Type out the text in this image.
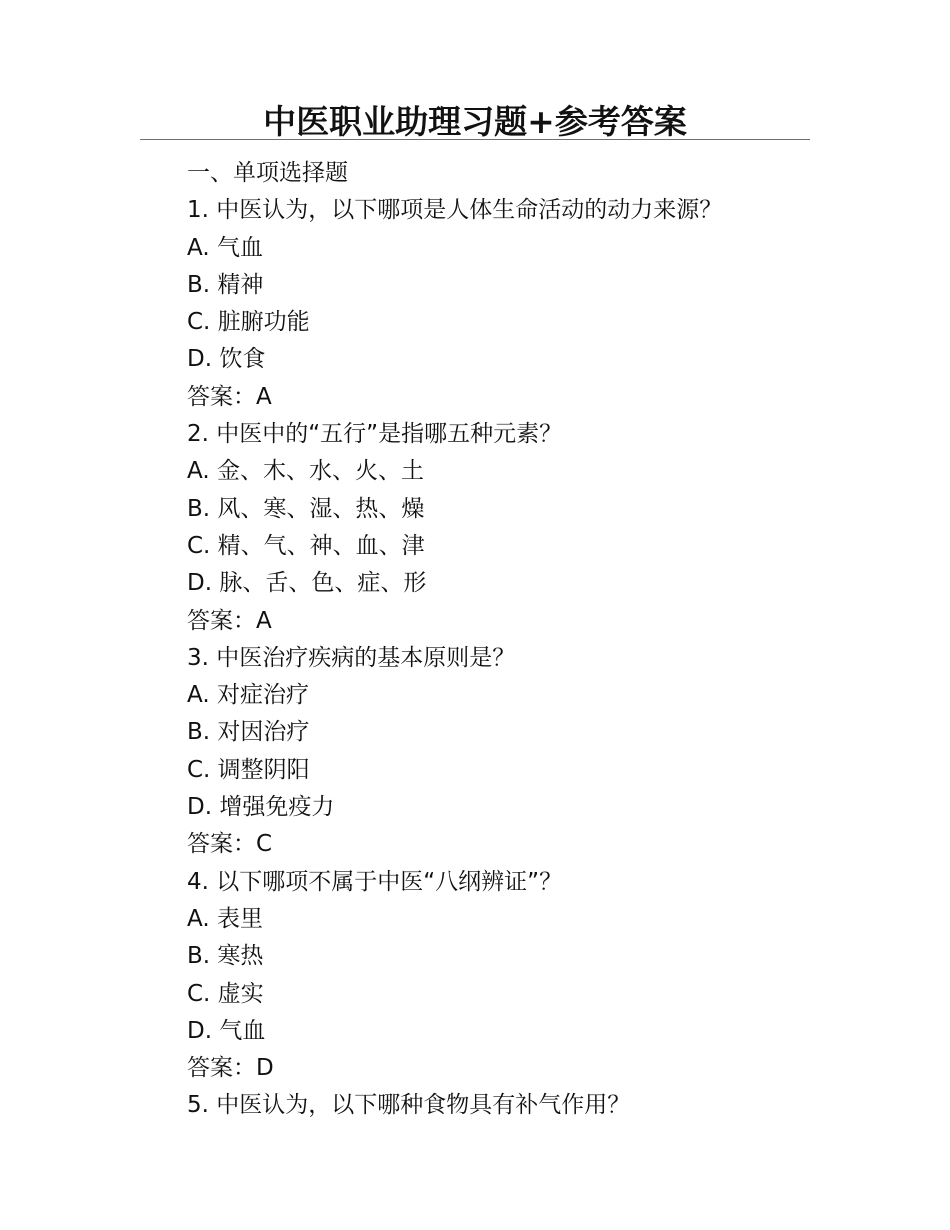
中医职业助理习题+参考答案

一、单项选择题

1. 中医认为，以下哪项是人体生命活动的动力来源？

A. 气血

B. 精神

C. 脏腑功能

D. 饮食

答案：A

2. 中医中的“五行”是指哪五种元素？

A. 金、木、水、火、土

B. 风、寒、湿、热、燥

C. 精、气、神、血、津

D. 脉、舌、色、症、形

答案：A

3. 中医治疗疾病的基本原则是？

A. 对症治疗

B. 对因治疗

C. 调整阴阳

D. 增强免疫力

答案：C

4. 以下哪项不属于中医“八纲辨证”？

A. 表里

B. 寒热

C. 虚实

D. 气血

答案：D

5. 中医认为，以下哪种食物具有补气作用？
